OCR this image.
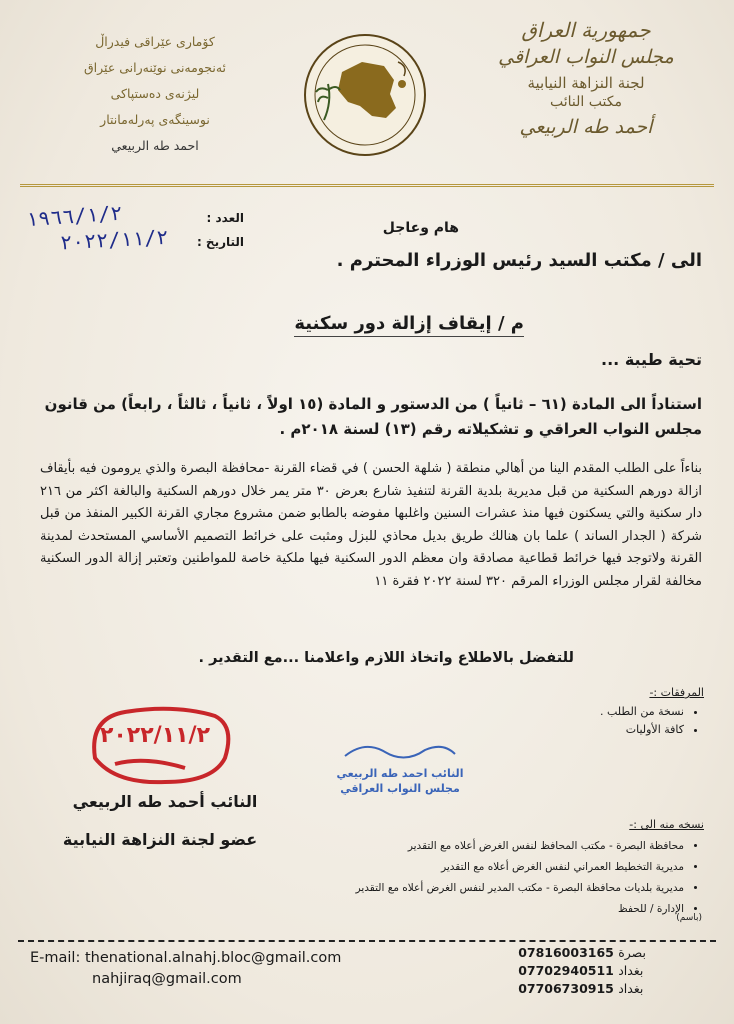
جمهورية العراق
مجلس النواب العراقي
لجنة النزاهة النيابية
مكتب النائب
أحمد طه الربيعي
كۆماری عێراقی فیدراڵ
ئەنجومەنی نوێنەرانی عێراق
لیژنەی دەستپاکی
نوسینگەی پەرلەمانتار
احمد طه الربيعي
العدد :
التاريخ :
١٩٦٦/١/٢
٢٠٢٢/١١/٢	هام وعاجل
الى / مكتب السيد رئيس الوزراء المحترم .
م / إيقاف إزالة دور سكنية
تحية طيبة ...
استناداً الى المادة (٦١ – ثانياً ) من الدستور و المادة (١٥ اولاً ، ثانياً ، ثالثاً ، رابعاً) من قانون مجلس النواب العراقي و تشكيلاته رقم (١٣) لسنة ٢٠١٨م .
بناءاً على الطلب المقدم الينا من أهالي منطقة ( شلهة الحسن ) في قضاء القرنة -محافظة البصرة والذي يرومون فيه بأيقاف ازالة دورهم السكنية من قبل مديرية بلدية القرنة لتنفيذ شارع بعرض ٣٠ متر يمر خلال دورهم السكنية والبالغة اكثر من ٢١٦ دار سكنية والتي يسكنون فيها منذ عشرات السنين واغلبها مفوضه بالطابو ضمن مشروع مجاري القرنة الكبير المنفذ من قبل شركة ( الجدار الساند ) علما بان هنالك طريق بديل محاذي للبزل ومثبت على خرائط التصميم الأساسي المستحدث لمدينة القرنة ولاتوجد فيها خرائط قطاعية مصادقة وان معظم الدور السكنية فيها ملكية خاصة للمواطنين وتعتبر إزالة الدور السكنية مخالفة لقرار مجلس الوزراء المرقم ٣٢٠ لسنة ٢٠٢٢ فقرة ١١
للتفضل بالاطلاع واتخاذ اللازم واعلامنا ...مع التقدير .
المرفقات :-
• نسخة من الطلب .
• كافة الأوليات
٢٠٢٢/١١/٢
النائب احمد طه الربيعي
مجلس النواب العراقي
النائب أحمد طه الربيعي
عضو لجنة النزاهة النيابية
نسخه منه الى :-
• محافظة البصرة - مكتب المحافظ لنفس الغرض أعلاه مع التقدير
• مديرية التخطيط العمراني لنفس الغرض أعلاه مع التقدير
• مديرية بلديات محافظة البصرة - مكتب المدير لنفس الغرض أعلاه مع التقدير
• الإدارة / للحفظ
(باسم)
E-mail: thenational.alnahj.bloc@gmail.com
nahjiraq@gmail.com
07816003165 بصرة
07702940511 بغداد
07706730915 بغداد
